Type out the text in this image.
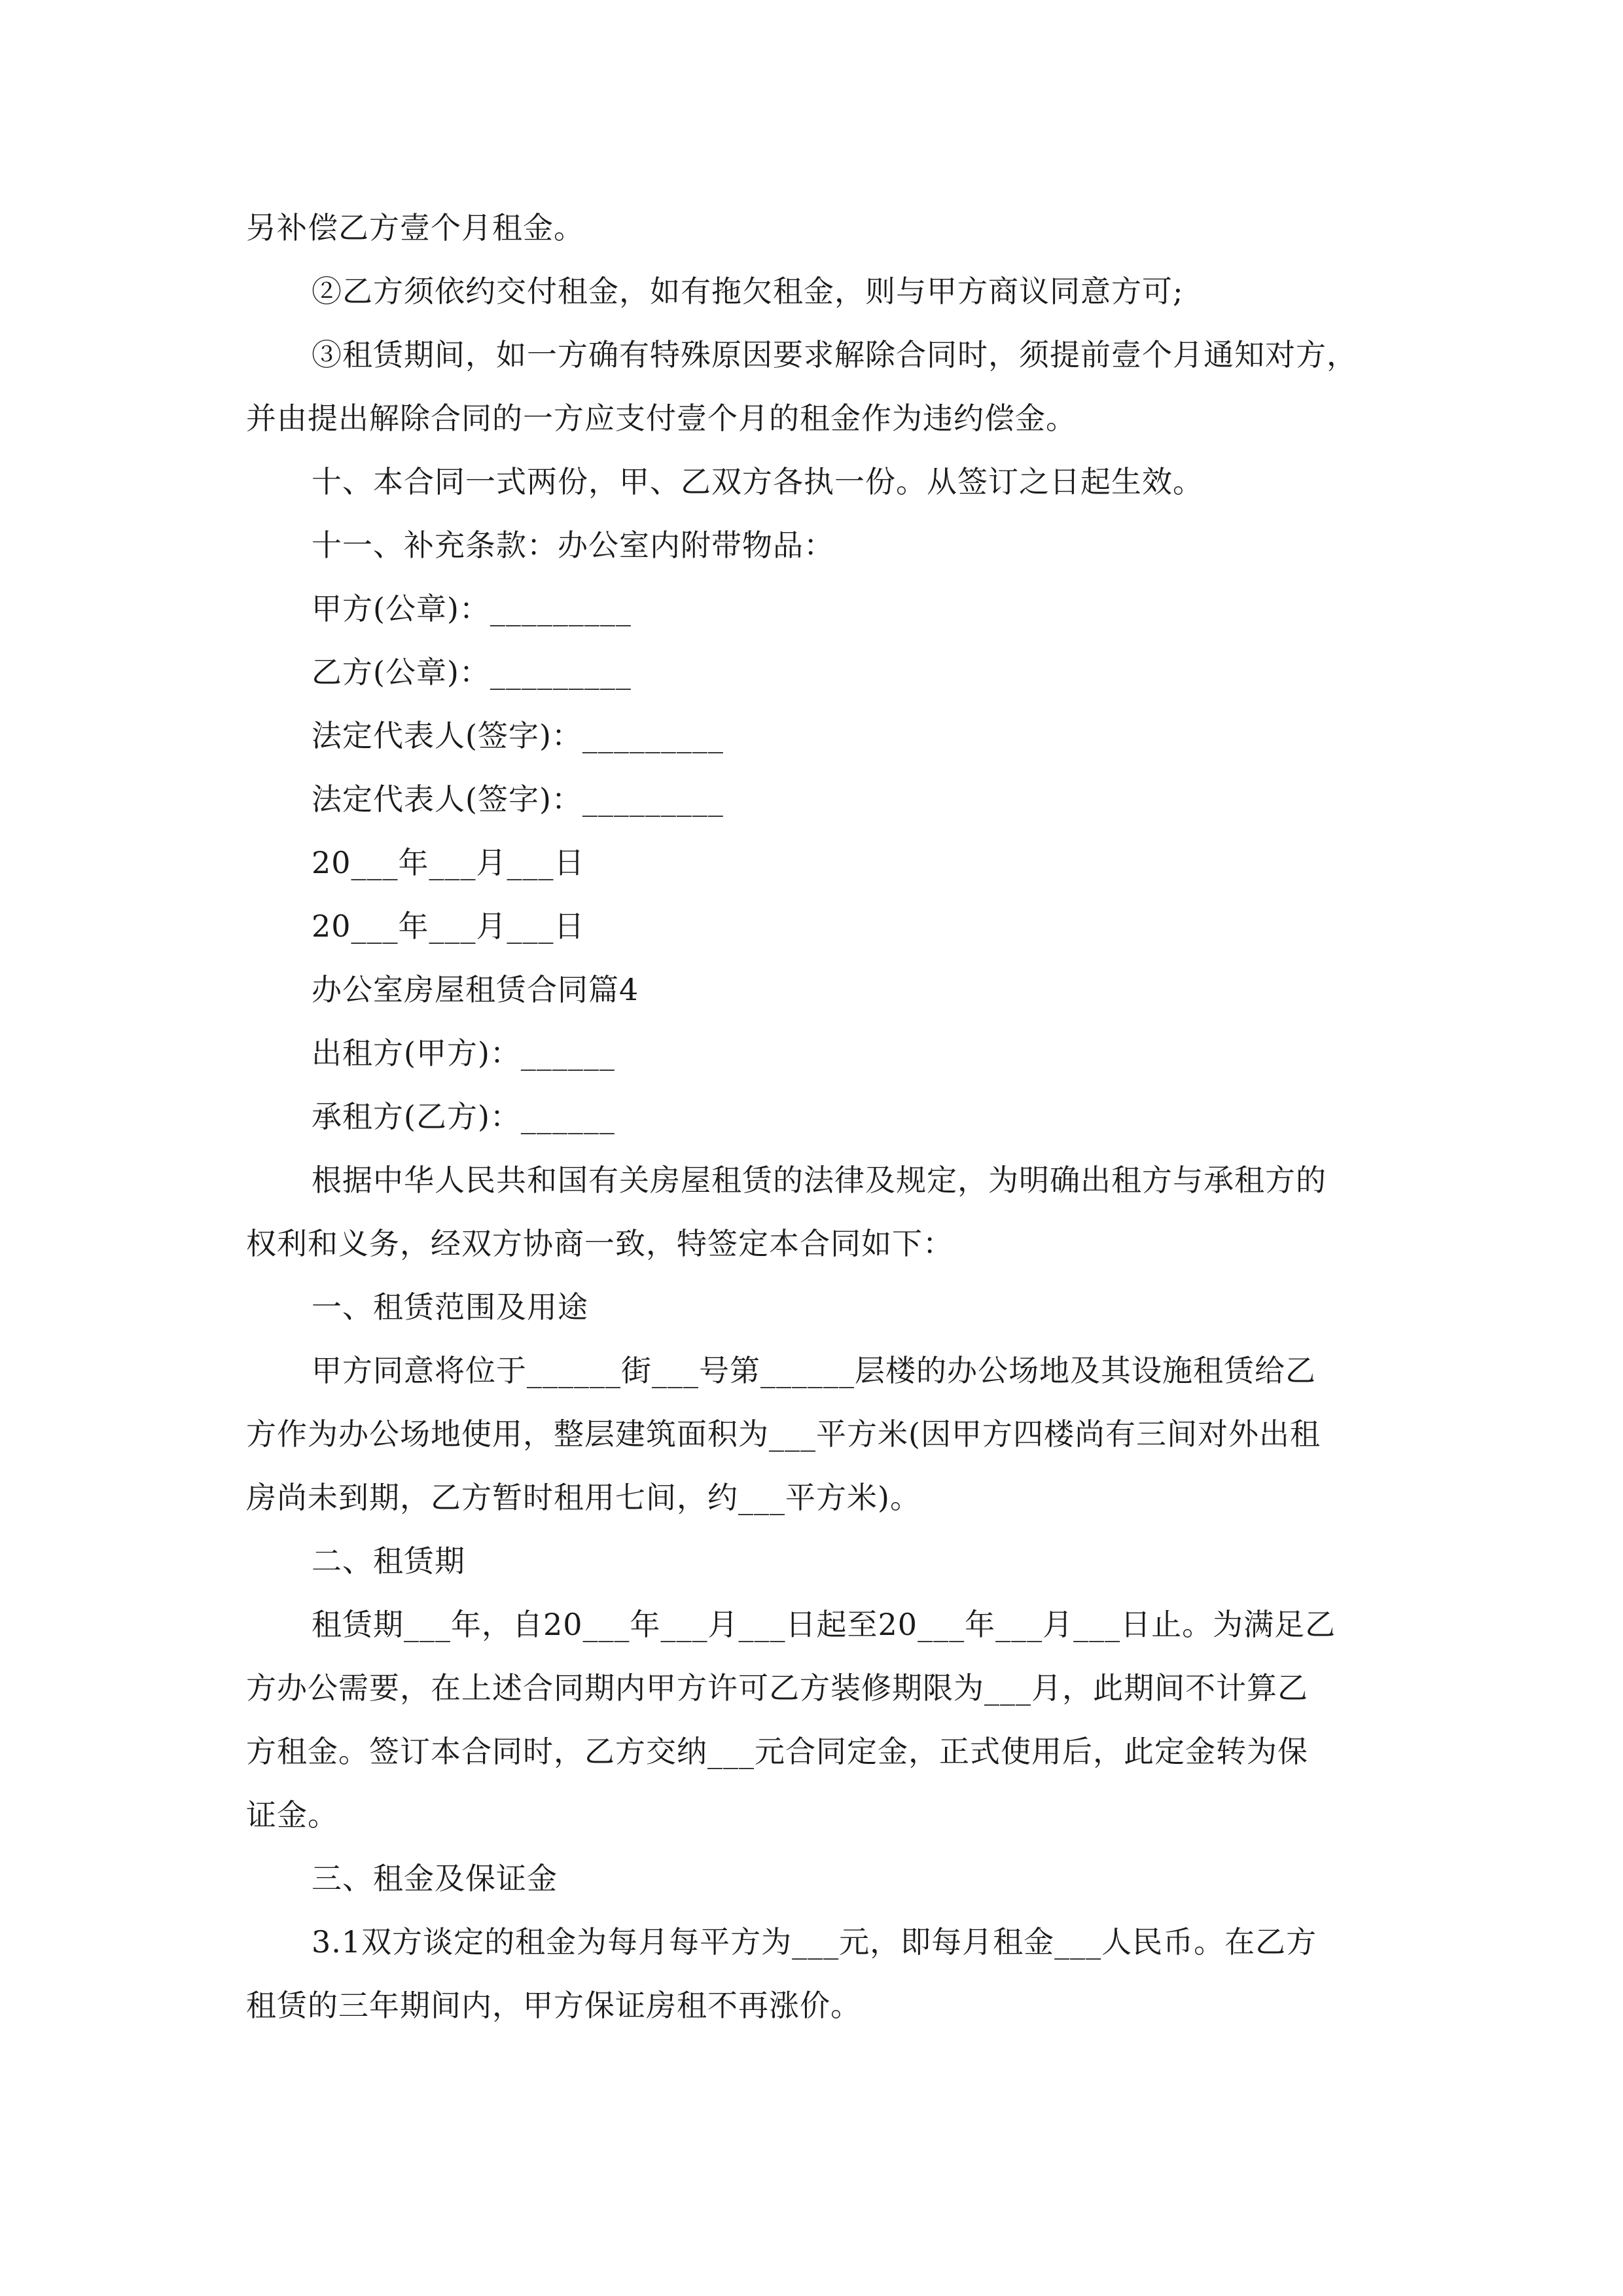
另补偿乙方壹个月租金。
②乙方须依约交付租金，如有拖欠租金，则与甲方商议同意方可;
③租赁期间，如一方确有特殊原因要求解除合同时，须提前壹个月通知对方，
并由提出解除合同的一方应支付壹个月的租金作为违约偿金。
十、本合同一式两份，甲、乙双方各执一份。从签订之日起生效。
十一、补充条款：办公室内附带物品：
甲方(公章)：_________
乙方(公章)：_________
法定代表人(签字)：_________
法定代表人(签字)：_________
20___年___月___日
20___年___月___日
办公室房屋租赁合同篇4
出租方(甲方)：______
承租方(乙方)：______
根据中华人民共和国有关房屋租赁的法律及规定，为明确出租方与承租方的
权利和义务，经双方协商一致，特签定本合同如下：
一、租赁范围及用途
甲方同意将位于______街___号第______层楼的办公场地及其设施租赁给乙
方作为办公场地使用，整层建筑面积为___平方米(因甲方四楼尚有三间对外出租
房尚未到期，乙方暂时租用七间，约___平方米)。
二、租赁期
租赁期___年，自20___年___月___日起至20___年___月___日止。为满足乙
方办公需要，在上述合同期内甲方许可乙方装修期限为___月，此期间不计算乙
方租金。签订本合同时，乙方交纳___元合同定金，正式使用后，此定金转为保
证金。
三、租金及保证金
3.1双方谈定的租金为每月每平方为___元，即每月租金___人民币。在乙方
租赁的三年期间内，甲方保证房租不再涨价。
